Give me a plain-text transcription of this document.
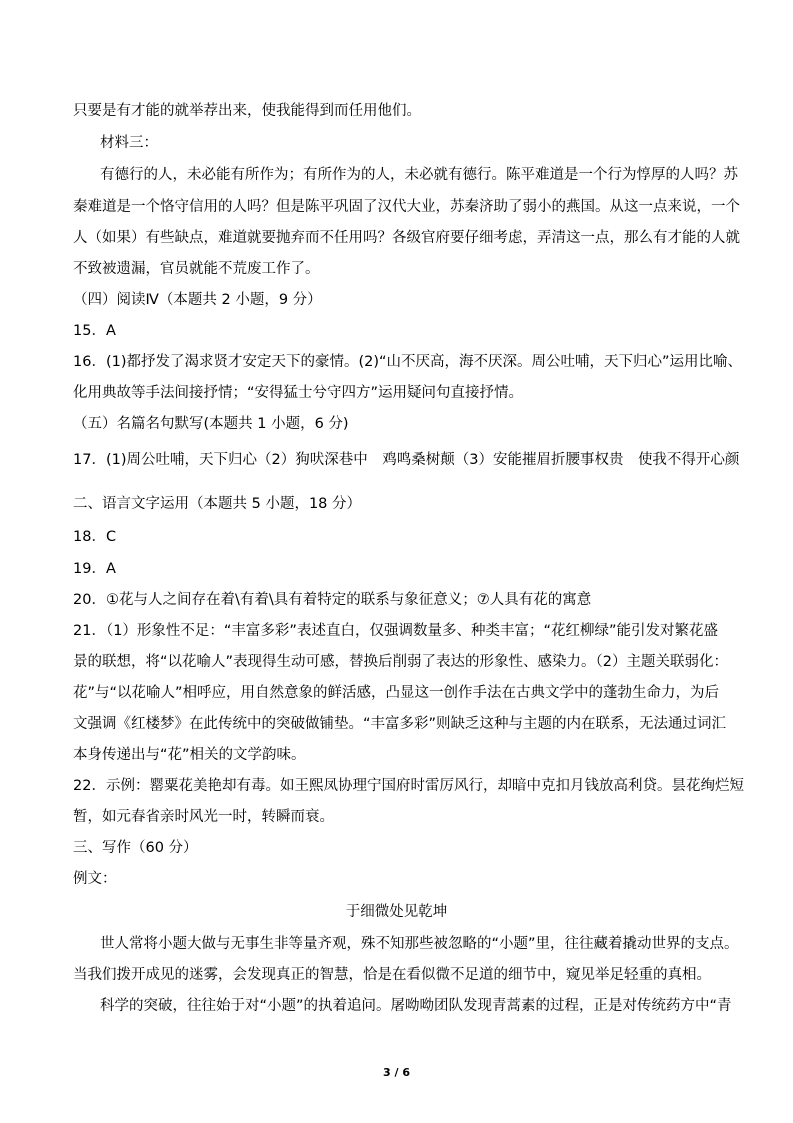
只要是有才能的就举荐出来，使我能得到而任用他们。
材料三：
有德行的人，未必能有所作为；有所作为的人，未必就有德行。陈平难道是一个行为惇厚的人吗？苏
秦难道是一个恪守信用的人吗？但是陈平巩固了汉代大业，苏秦济助了弱小的燕国。从这一点来说，一个
人（如果）有些缺点，难道就要抛弃而不任用吗？各级官府要仔细考虑，弄清这一点，那么有才能的人就
不致被遗漏，官员就能不荒废工作了。
（四）阅读Ⅳ（本题共 2 小题，9 分）
15．A
16．(1)都抒发了渴求贤才安定天下的豪情。(2)“山不厌高，海不厌深。周公吐哺，天下归心”运用比喻、
化用典故等手法间接抒情；“安得猛士兮守四方”运用疑问句直接抒情。
（五）名篇名句默写(本题共 1 小题，6 分)
17．(1)周公吐哺，天下归心（2）狗吠深巷中　鸡鸣桑树颠（3）安能摧眉折腰事权贵　使我不得开心颜
二、语言文字运用（本题共 5 小题，18 分）
18．C
19．A
20．①花与人之间存在着\有着\具有着特定的联系与象征意义；⑦人具有花的寓意
21．（1）形象性不足：“丰富多彩”表述直白，仅强调数量多、种类丰富；“花红柳绿”能引发对繁花盛
景的联想，将“以花喻人”表现得生动可感，替换后削弱了表达的形象性、感染力。（2）主题关联弱化：
花”与“以花喻人”相呼应，用自然意象的鲜活感，凸显这一创作手法在古典文学中的蓬勃生命力，为后
文强调《红楼梦》在此传统中的突破做铺垫。“丰富多彩”则缺乏这种与主题的内在联系，无法通过词汇
本身传递出与“花”相关的文学韵味。
22．示例：罂粟花美艳却有毒。如王熙凤协理宁国府时雷厉风行，却暗中克扣月钱放高利贷。昙花绚烂短
暂，如元春省亲时风光一时，转瞬而衰。
三、写作（60 分）
例文：
于细微处见乾坤
世人常将小题大做与无事生非等量齐观，殊不知那些被忽略的“小题”里，往往藏着撬动世界的支点。
当我们拨开成见的迷雾，会发现真正的智慧，恰是在看似微不足道的细节中，窥见举足轻重的真相。
科学的突破，往往始于对“小题”的执着追问。屠呦呦团队发现青蒿素的过程，正是对传统药方中“青
3 / 6
